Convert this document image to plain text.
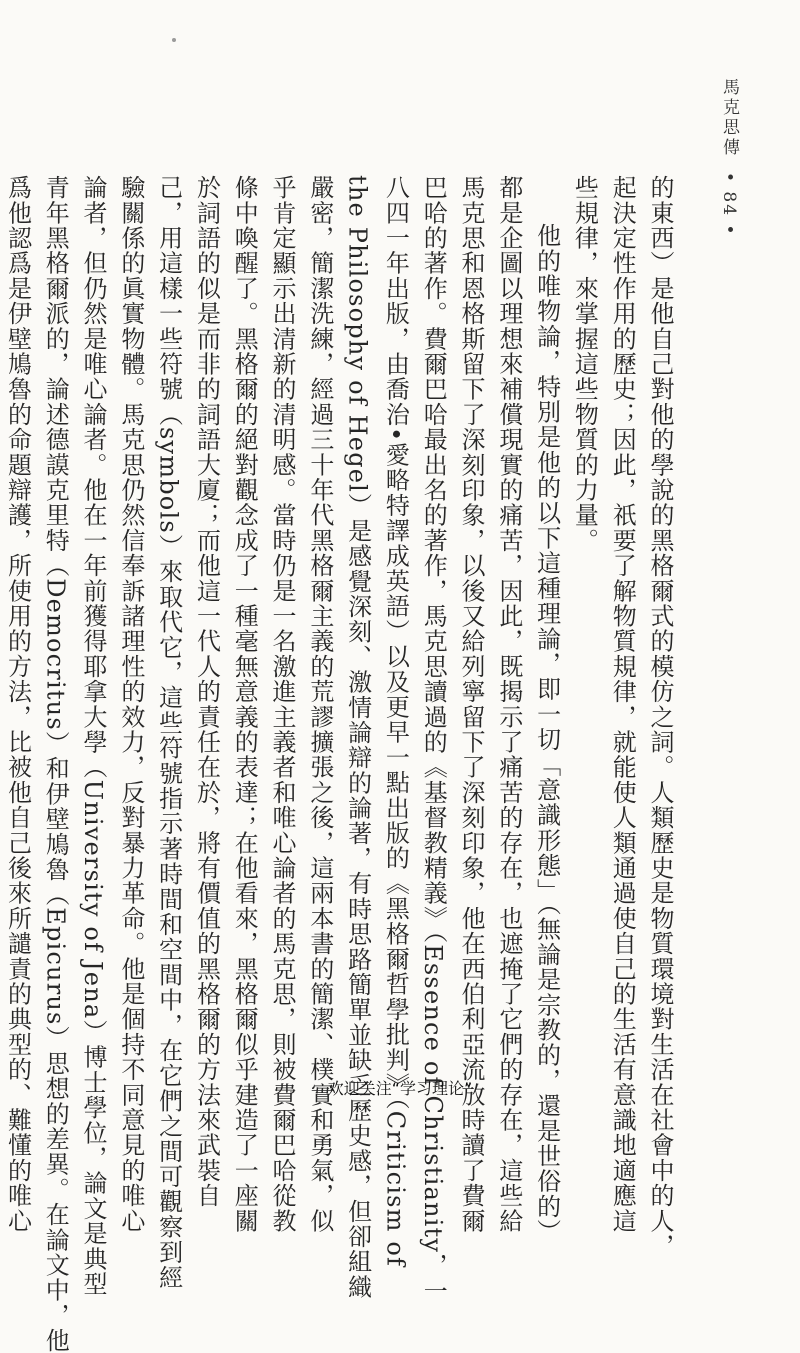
馬克思傳• 84 •
的東西）是他自己對他的學說的黑格爾式的模仿之詞。人類歷史是物質環境對生活在社會中的人，
起決定性作用的歷史；因此，祇要了解物質規律，就能使人類通過使自己的生活有意識地適應這
些規律，來掌握這些物質的力量。
他的唯物論，特別是他的以下這種理論，即一切「意識形態」（無論是宗教的，還是世俗的）
都是企圖以理想來補償現實的痛苦，因此，既揭示了痛苦的存在，也遮掩了它們的存在，這些給
馬克思和恩格斯留下了深刻印象，以後又給列寧留下了深刻印象，他在西伯利亞流放時讀了費爾
巴哈的著作。費爾巴哈最出名的著作，馬克思讀過的《基督教精義》（Essence of Christianity，一
八四一年出版，由喬治•愛略特譯成英語）以及更早一點出版的《黑格爾哲學批判》（Criticism of
the Philosophy of Hegel）是感覺深刻、激情論辯的論著，有時思路簡單並缺乏歷史感，但卻組織
嚴密，簡潔洗練，經過三十年代黑格爾主義的荒謬擴張之後，這兩本書的簡潔、樸實和勇氣，似
乎肯定顯示出清新的清明感。當時仍是一名激進主義者和唯心論者的馬克思，則被費爾巴哈從教
條中喚醒了。黑格爾的絕對觀念成了一種毫無意義的表達；在他看來，黑格爾似乎建造了一座關
於詞語的似是而非的詞語大廈；而他這一代人的責任在於，將有價值的黑格爾的方法來武裝自
己，用這樣一些符號（symbols）來取代它，這些符號指示著時間和空間中，在它們之間可觀察到經
驗關係的眞實物體。馬克思仍然信奉訴諸理性的效力，反對暴力革命。他是個持不同意見的唯心
論者，但仍然是唯心論者。他在一年前獲得耶拿大學（University of Jena）博士學位，論文是典型
青年黑格爾派的，論述德謨克里特（Democritus）和伊壁鳩魯（Epicurus）思想的差異。在論文中，他
爲他認爲是伊壁鳩魯的命題辯護，所使用的方法，比被他自己後來所譴責的典型的、難懂的唯心	欢迎关注“学习理论”
